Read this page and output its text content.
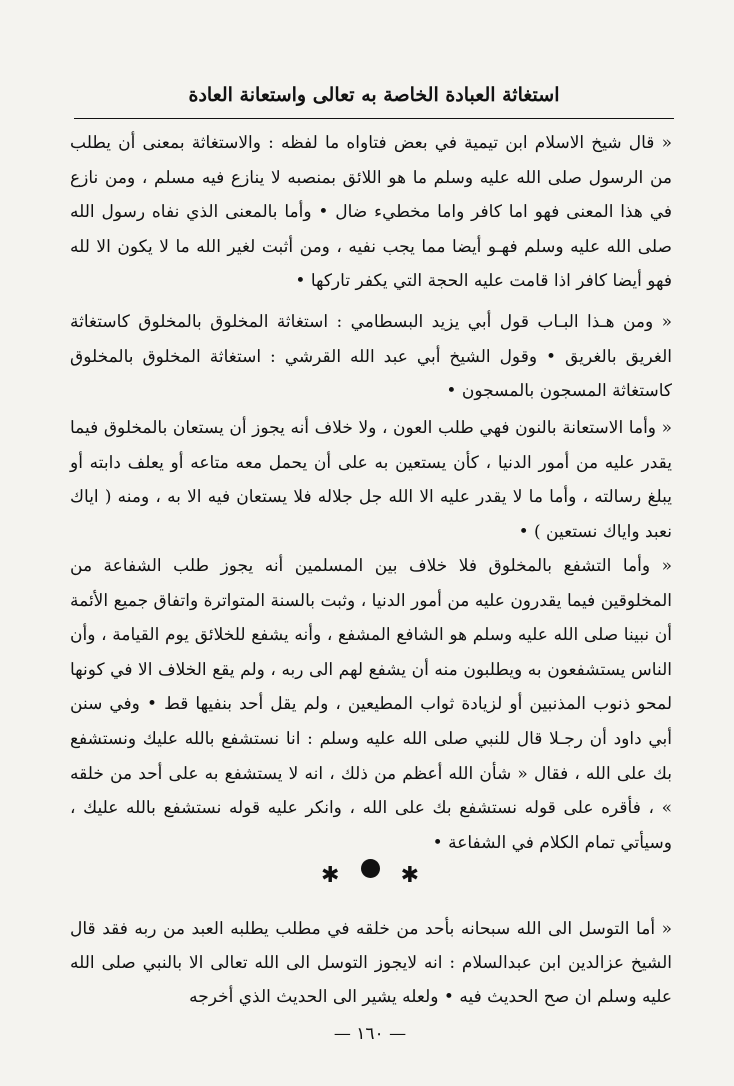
استغاثة العبادة الخاصة به تعالى واستعانة العادة

« قال شيخ الاسلام ابن تيمية في بعض فتاواه ما لفظه : والاستغاثة بمعنى أن يطلب من الرسول صلى الله عليه وسلم ما هو اللائق بمنصبه لا ينازع فيه مسلم ، ومن نازع في هذا المعنى فهو اما كافر واما مخطيء ضال • وأما بالمعنى الذي نفاه رسول الله صلى الله عليه وسلم فهـو أيضا مما يجب نفيه ، ومن أثبت لغير الله ما لا يكون الا لله فهو أيضا كافر اذا قامت عليه الحجة التي يكفر تاركها •

« ومن هـذا البـاب قول أبي يزيد البسطامي : استغاثة المخلوق بالمخلوق كاستغاثة الغريق بالغريق • وقول الشيخ أبي عبد الله القرشي : استغاثة المخلوق بالمخلوق كاستغاثة المسجون بالمسجون •

« وأما الاستعانة بالنون فهي طلب العون ، ولا خلاف أنه يجوز أن يستعان بالمخلوق فيما يقدر عليه من أمور الدنيا ، كأن يستعين به على أن يحمل معه متاعه أو يعلف دابته أو يبلغ رسالته ، وأما ما لا يقدر عليه الا الله جل جلاله فلا يستعان فيه الا به ، ومنه ( اياك نعبد واياك نستعين ) •

« وأما التشفع بالمخلوق فلا خلاف بين المسلمين أنه يجوز طلب الشفاعة من المخلوقين فيما يقدرون عليه من أمور الدنيا ، وثبت بالسنة المتواترة واتفاق جميع الأئمة أن نبينا صلى الله عليه وسلم هو الشافع المشفع ، وأنه يشفع للخلائق يوم القيامة ، وأن الناس يستشفعون به ويطلبون منه أن يشفع لهم الى ربه ، ولم يقع الخلاف الا في كونها لمحو ذنوب المذنبين أو لزيادة ثواب المطيعين ، ولم يقل أحد بنفيها قط • وفي سنن أبي داود أن رجـلا قال للنبي صلى الله عليه وسلم : انا نستشفع بالله عليك ونستشفع بك على الله ، فقال « شأن الله أعظم من ذلك ، انه لا يستشفع به على أحد من خلقه » ، فأقره على قوله نستشفع بك على الله ، وانكر عليه قوله نستشفع بالله عليك ، وسيأتي تمام الكلام في الشفاعة •

✱	✱

« أما التوسل الى الله سبحانه بأحد من خلقه في مطلب يطلبه العبد من ربه فقد قال الشيخ عزالدين ابن عبدالسلام : انه لايجوز التوسل الى الله تعالى الا بالنبي صلى الله عليه وسلم ان صح الحديث فيه • ولعله يشير الى الحديث الذي أخرجه

— ١٦٠ —
